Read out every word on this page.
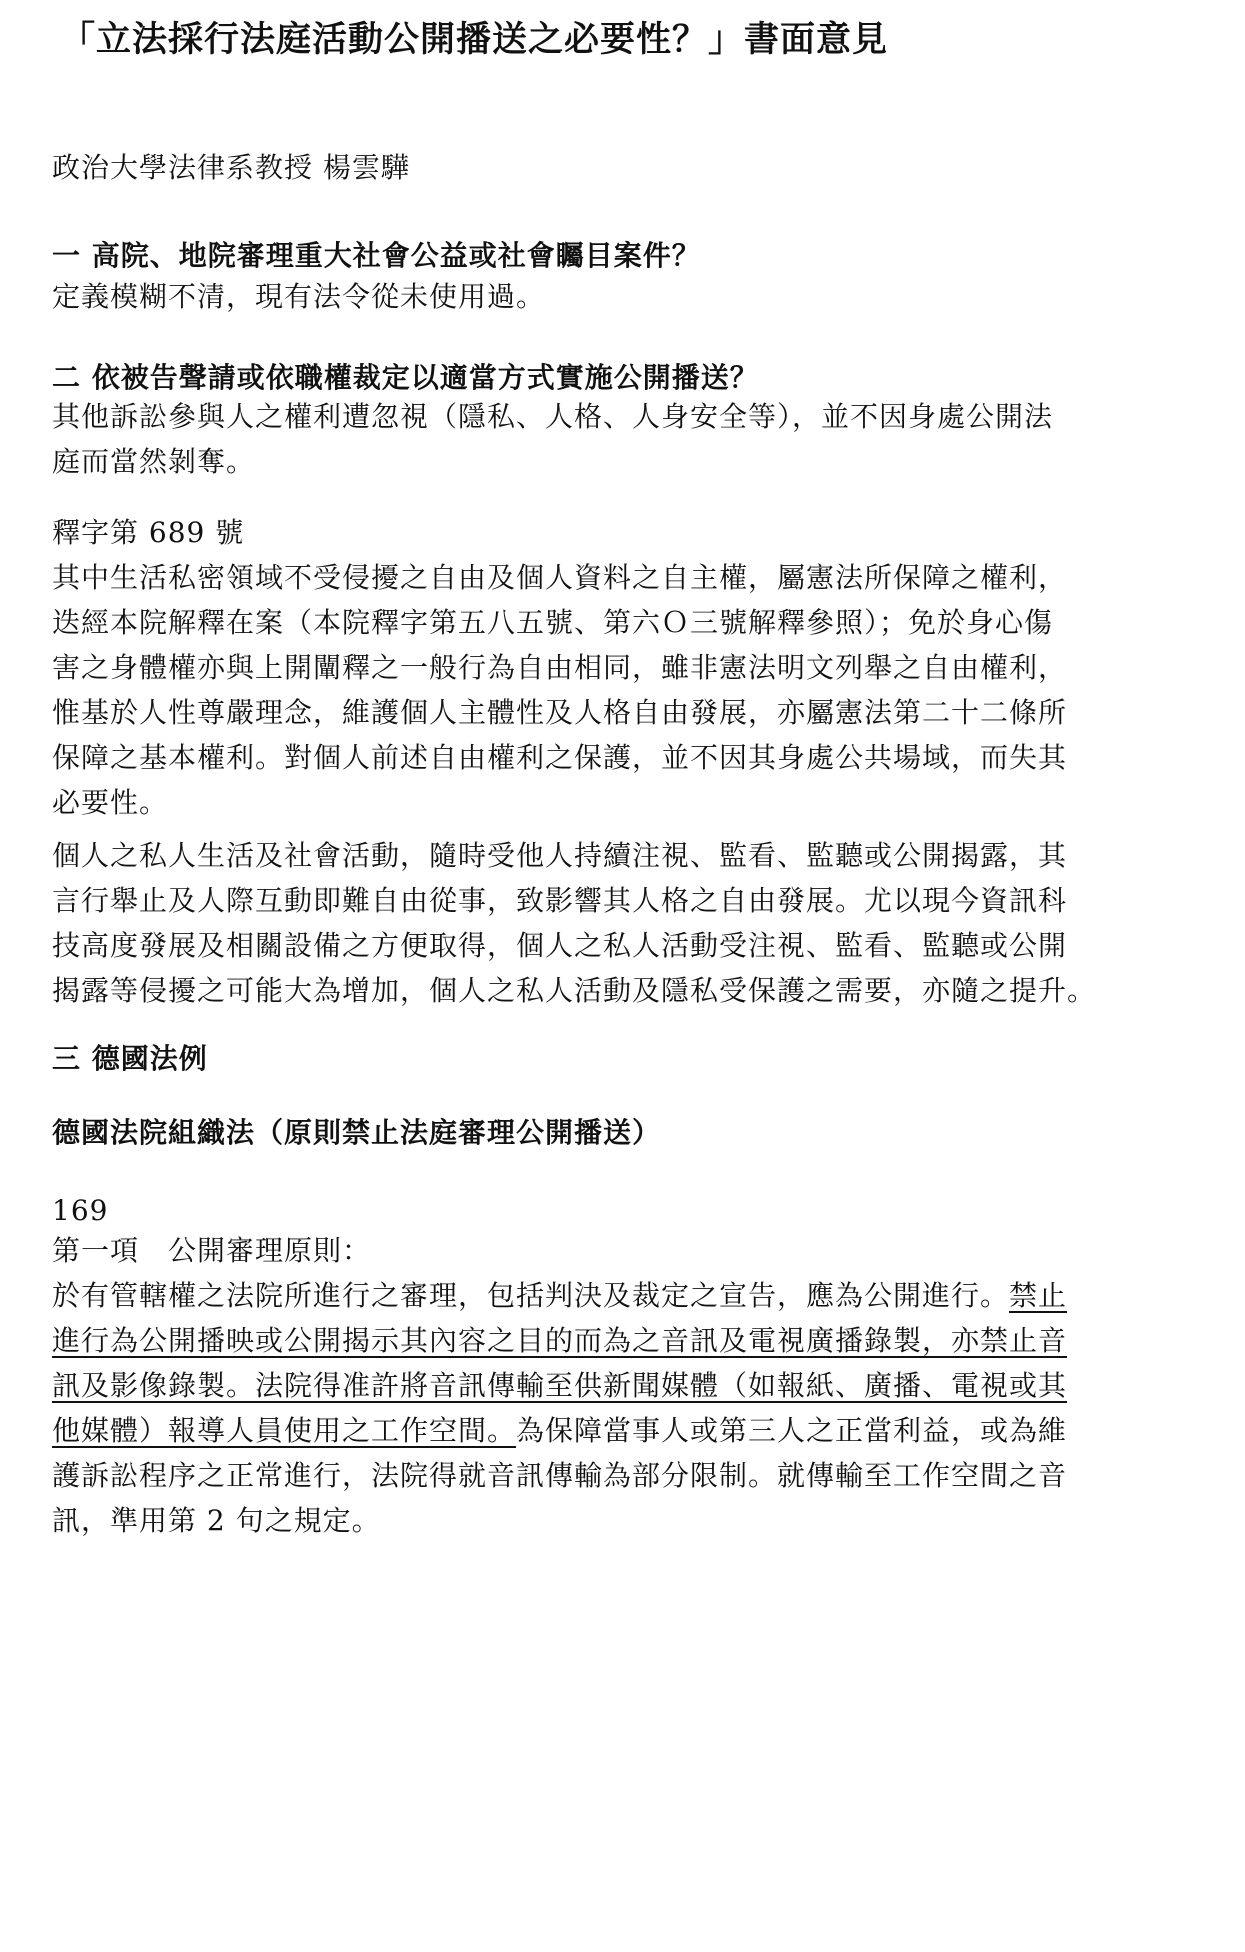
「立法採行法庭活動公開播送之必要性？」書面意見
政治大學法律系教授 楊雲驊
一 高院、地院審理重大社會公益或社會矚目案件？
定義模糊不清，現有法令從未使用過。
二 依被告聲請或依職權裁定以適當方式實施公開播送？
其他訴訟參與人之權利遭忽視（隱私、人格、人身安全等），並不因身處公開法
庭而當然剝奪。
釋字第 689 號
其中生活私密領域不受侵擾之自由及個人資料之自主權，屬憲法所保障之權利，
迭經本院解釋在案（本院釋字第五八五號、第六Ｏ三號解釋參照）；免於身心傷
害之身體權亦與上開闡釋之一般行為自由相同，雖非憲法明文列舉之自由權利，
惟基於人性尊嚴理念，維護個人主體性及人格自由發展，亦屬憲法第二十二條所
保障之基本權利。對個人前述自由權利之保護，並不因其身處公共場域，而失其
必要性。
個人之私人生活及社會活動，隨時受他人持續注視、監看、監聽或公開揭露，其
言行舉止及人際互動即難自由從事，致影響其人格之自由發展。尤以現今資訊科
技高度發展及相關設備之方便取得，個人之私人活動受注視、監看、監聽或公開
揭露等侵擾之可能大為增加，個人之私人活動及隱私受保護之需要，亦隨之提升。
三 德國法例
德國法院組織法（原則禁止法庭審理公開播送）
169
第一項　公開審理原則：
於有管轄權之法院所進行之審理，包括判決及裁定之宣告，應為公開進行。禁止
進行為公開播映或公開揭示其內容之目的而為之音訊及電視廣播錄製，亦禁止音
訊及影像錄製。法院得准許將音訊傳輸至供新聞媒體（如報紙、廣播、電視或其
他媒體）報導人員使用之工作空間。為保障當事人或第三人之正當利益，或為維
護訴訟程序之正常進行，法院得就音訊傳輸為部分限制。就傳輸至工作空間之音
訊，準用第 2 句之規定。
